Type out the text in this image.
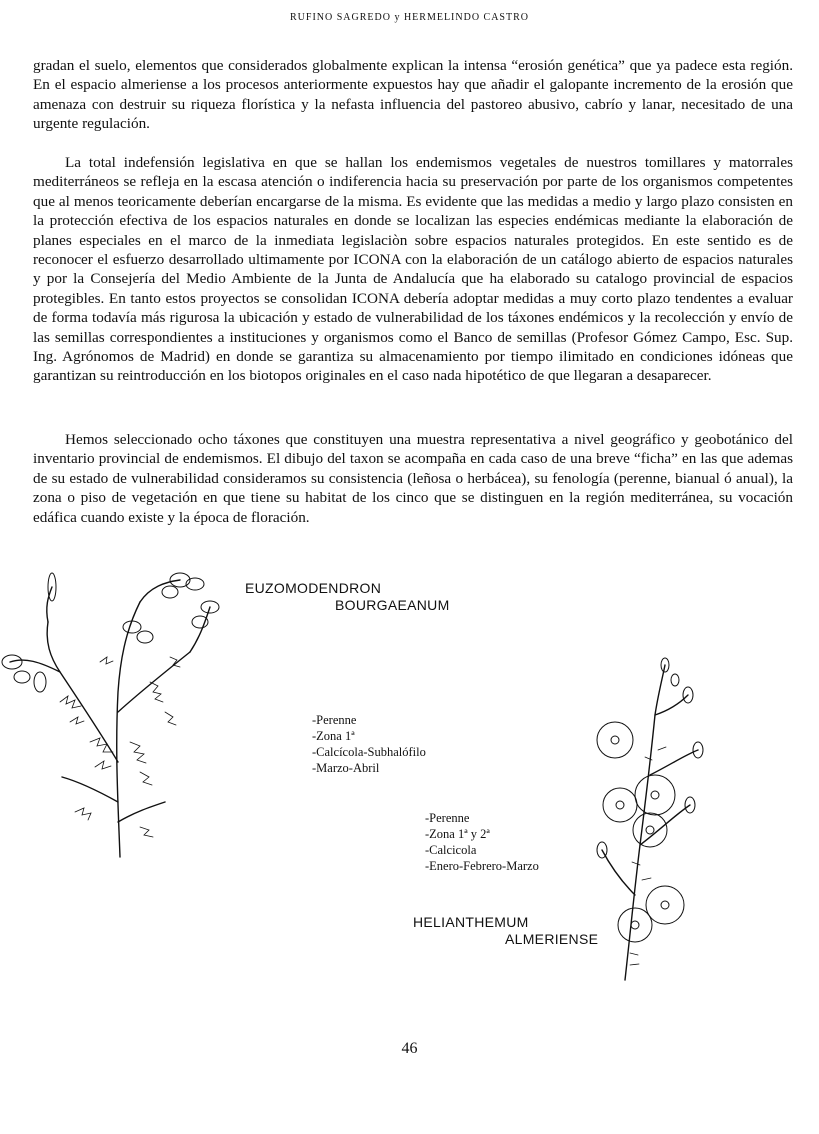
RUFINO SAGREDO y HERMELINDO CASTRO

gradan el suelo, elementos que considerados globalmente explican la intensa “erosión genética” que ya padece esta región. En el espacio almeriense a los procesos anteriormente expuestos hay que añadir el galopante incremento de la erosión que amenaza con destruir su riqueza florística y la nefasta influencia del pastoreo abusivo, cabrío y lanar, necesitado de una urgente regulación.

La total indefensión legislativa en que se hallan los endemismos vegetales de nuestros tomillares y matorrales mediterráneos se refleja en la escasa atención o indiferencia hacia su preservación por parte de los organismos competentes que al menos teoricamente deberían encargarse de la misma. Es evidente que las medidas a medio y largo plazo consisten en la protección efectiva de los espacios naturales en donde se localizan las especies endémicas mediante la elaboración de planes especiales en el marco de la inmediata legislaciòn sobre espacios naturales protegidos. En este sentido es de reconocer el esfuerzo desarrollado ultimamente por ICONA con la elaboración de un catálogo abierto de espacios naturales y por la Consejería del Medio Ambiente de la Junta de Andalucía que ha elaborado su catalogo provincial de espacios protegibles. En tanto estos proyectos se consolidan ICONA debería adoptar medidas a muy corto plazo tendentes a evaluar de forma todavía más rigurosa la ubicación y estado de vulnerabilidad de los táxones endémicos y la recolección y envío de las semillas correspondientes a instituciones y organismos como el Banco de semillas (Profesor Gómez Campo, Esc. Sup. Ing. Agrónomos de Madrid) en donde se garantiza su almacenamiento por tiempo ilimitado en condiciones idóneas que garantizan su reintroducción en los biotopos originales en el caso nada hipotético de que llegaran a desaparecer.

Hemos seleccionado ocho táxones que constituyen una muestra representativa a nivel geográfico y geobotánico del inventario provincial de endemismos. El dibujo del taxon se acompaña en cada caso de una breve “ficha” en las que ademas de su estado de vulnerabilidad consideramos su consistencia (leñosa o herbácea), su fenología (perenne, bianual ó anual), la zona o piso de vegetación en que tiene su habitat de los cinco que se distinguen en la región mediterránea, su vocación edáfica cuando existe y la época de floración.

EUZOMODENDRON
BOURGAEANUM
-Perenne
-Zona 1ª
-Calcícola-Subhalófilo
-Marzo-Abril
-Perenne
-Zona 1ª y 2ª
-Calcicola
-Enero-Febrero-Marzo
HELIANTHEMUM
ALMERIENSE
46
